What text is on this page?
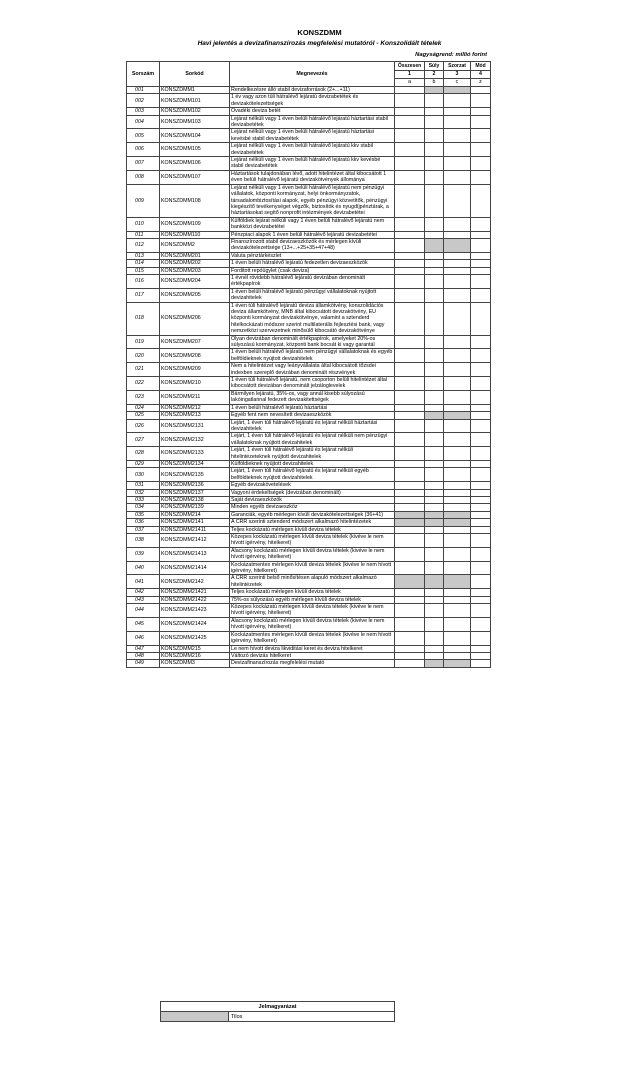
KONSZDMM
Havi jelentés a devizafinanszírozás megfelelési mutatóról - Konszolidált tételek
Nagyságrend: millió forint
Sorszám	Sorkód	Megnevezés	Összesen	Súly	Szorzat	Mód
			1	2	3	4
			a	b	c	z
001	KONSZDMM1	Rendelkezésre álló stabil devizaforrások (2+...+11)				
002	KONSZDMM101	1 év vagy azon túli hátralévő lejáratú devizabetétek és devizakötelezettségek				
003	KONSZDMM102	Óvadéki deviza betét				
004	KONSZDMM103	Lejárat nélküli vagy 1 éven belüli hátralévő lejáratú háztartási stabil devizabetétek				
005	KONSZDMM104	Lejárat nélküli vagy 1 éven belüli hátralévő lejáratú háztartási kevésbé stabil devizabetétek				
006	KONSZDMM105	Lejárat nélküli vagy 1 éven belüli hátralévő lejáratú kkv stabil devizabetétek				
007	KONSZDMM106	Lejárat nélküli vagy 1 éven belüli hátralévő lejáratú kkv kevésbé stabil devizabetétek				
008	KONSZDMM107	Háztartások tulajdonában lévő, adott hitelintézet által kibocsátott 1 éven belüli hátralévő lejáratú devizakötvények állománya				
009	KONSZDMM108	Lejárat nélküli vagy 1 éven belüli hátralévő lejáratú nem pénzügyi vállalatok, központi kormányzat, helyi önkormányzatok, társadalombiztosítási alapok, egyéb pénzügyi közvetítők, pénzügyi kiegészítő tevékenységet végzők, biztosítók és nyugdíjpénztárak, a háztartásokat segítő nonprofit intézmények devizabetétei				
010	KONSZDMM109	Külföldiek lejárat nélküli vagy 1 éven belüli hátralévő lejáratú nem bankközi devizabetétei				
011	KONSZDMM110	Pénzpiaci alapok 1 éven belüli hátralévő lejáratú devizabetétei				
012	KONSZDMM2	Finanszírozott stabil devizaeszközök és mérlegen kívüli devizakötelezettsége (13+...+25+35+47+48)				
013	KONSZDMM201	Valuta pénztárkészlet				
014	KONSZDMM202	1 éven belüli hátralévő lejáratú fedezetlen devizaeszközök				
015	KONSZDMM203	Forditott repóügylet (csak deviza)				
016	KONSZDMM204	1 évnél rövidebb hátralévő lejáratú devizában denominált értékpapírok				
017	KONSZDMM205	1 éven belüli hátralévő lejáratú pénzügyi vállalatoknak nyújtott devizahitelek				
018	KONSZDMM206	1 éven túli hátralévő lejáratú deviza államkötvény, konszolidációs deviza államkötvény, MNB által kibocsátott devizakötvény, EU központi kormányzat devizakötvénye, valamint a sztenderd hitelkockázati módszer szerint multilaterális fejlesztési bank, vagy nemzetközi szervezetnek minősülő kibocsátó devizakötvénye				
019	KONSZDMM207	Olyan devizában denominált értékpapírok, amelyeket 20%-os súlyozású kormányzat, központi bank bocsát ki vagy garantál				
020	KONSZDMM208	1 éven belüli hátralévő lejáratú nem pénzügyi vállalatoknak és egyéb belföldieknek nyújtott devizahitelek				
021	KONSZDMM209	Nem a hitelintézet vagy leányvállalata által kibocsátott tőzsdei indexben szereplő devizában denominált részvények				
022	KONSZDMM210	1 éven túli hátralévő lejáratú, nem csoporton belüli hitelintézet által kibocsátott devizában denominált jelzáloglevelek				
023	KONSZDMM211	Bármilyen lejáratú, 35%-os, vagy annál kisebb súlyozású lakóingatlannal fedezett devizakitettségek				
024	KONSZDMM212	1 éven belüli hátralévő lejáratú háztartási				
025	KONSZDMM213	Egyéb fent nem nevesített devizaeszközök				
026	KONSZDMM2131	Lejárt, 1 éven túli hátralévő lejáratú és lejárat nélküli háztartási devizahitelek				
027	KONSZDMM2132	Lejárt, 1 éven túli hátralévő lejáratú és lejárat nélküli nem pénzügyi vállalatoknak nyújtott devizahitelek				
028	KONSZDMM2133	Lejárt, 1 éven túli hátralévő lejáratú és lejárat nélküli hitelintézeteknek nyújtott devizahitelek				
029	KONSZDMM2134	Külföldieknek nyújtott devizahitelek				
030	KONSZDMM2135	Lejárt, 1 éven túli hátralévő lejáratú és lejárat nélküli egyéb belföldieknek nyújtott devizahitelek				
031	KONSZDMM2136	Egyéb devizakövetelések				
032	KONSZDMM2137	Vagyoni érdekeltségek (devizában denominált)				
033	KONSZDMM2138	Saját devizaeszközök				
034	KONSZDMM2139	Minden egyéb devizaeszköz				
035	KONSZDMM214	Garanciák, egyéb mérlegen kívüli devizakötelezettségek (36+41)				
036	KONSZDMM2141	A CRR szerinti sztenderd módszert alkalmazó hitelintézetek				
037	KONSZDMM21411	Teljes kockázatú mérlegen kívüli deviza tételek				
038	KONSZDMM21412	Közepes kockázatú mérlegen kívüli deviza tételek (kivéve le nem hívott igérvény, hitelkeret)				
039	KONSZDMM21413	Alacsony kockázatú mérlegen kívüli deviza tételek (kivéve le nem hívott igérvény, hitelkeret)				
040	KONSZDMM21414	Kockázatmentes mérlegen kívüli deviza tételek (kivéve le nem hívott igérvény, hitelkeret)				
041	KONSZDMM2142	A CRR szerinti belső minősítésen alapuló módszert alkalmazó hitelintézetek				
042	KONSZDMM21421	Teljes kockázatú mérlegen kívüli deviza tételek				
043	KONSZDMM21422	75%-os súlyozású egyéb mérlegen kívüli deviza tételek				
044	KONSZDMM21423	Közepes kockázatú mérlegen kívüli deviza tételek (kivéve le nem hívott igérvény, hitelkeret)				
045	KONSZDMM21424	Alacsony kockázatú mérlegen kívüli deviza tételek (kivéve le nem hívott igérvény, hitelkeret)				
046	KONSZDMM21425	Kockázatmentes mérlegen kívüli deviza tételek (kivéve le nem hívott igérvény, hitelkeret)				
047	KONSZDMM215	Le nem hívott deviza likviditási keret és deviza hitelkeret				
048	KONSZDMM216	Változó devizás hitelkeret				
049	KONSZDMM3	Devizafinanszírozás megfelelési mutató				
Jelmagyarázat
	Tilos
